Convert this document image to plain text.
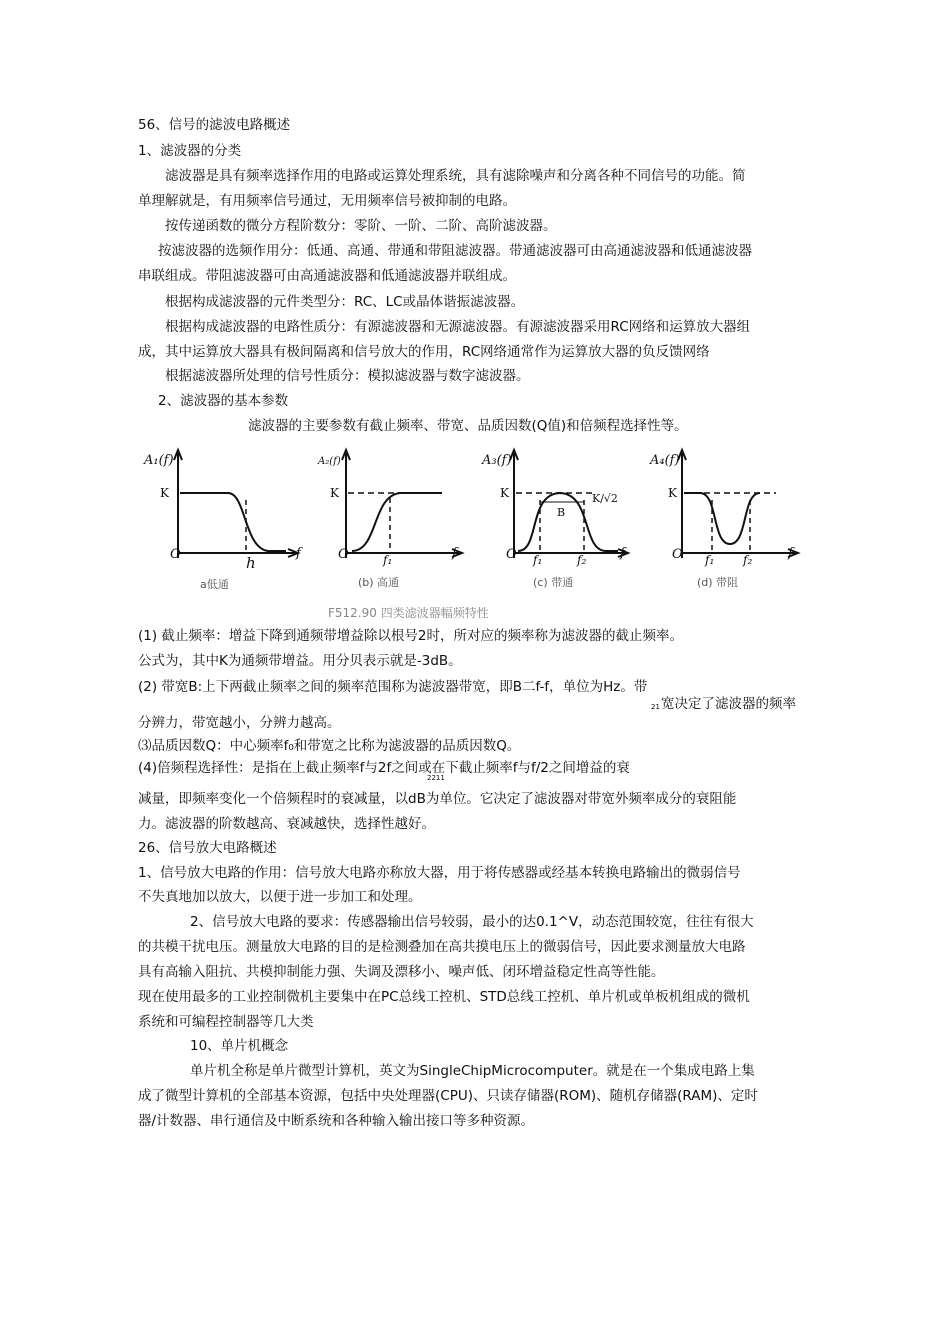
56、信号的滤波电路概述
1、滤波器的分类
滤波器是具有频率选择作用的电路或运算处理系统，具有滤除噪声和分离各种不同信号的功能。简
单理解就是，有用频率信号通过，无用频率信号被抑制的电路。
按传递函数的微分方程阶数分：零阶、一阶、二阶、高阶滤波器。
按滤波器的选频作用分：低通、高通、带通和带阻滤波器。带通滤波器可由高通滤波器和低通滤波器
串联组成。带阻滤波器可由高通滤波器和低通滤波器并联组成。
根据构成滤波器的元件类型分：RC、LC或晶体谐振滤波器。
根据构成滤波器的电路性质分：有源滤波器和无源滤波器。有源滤波器采用RC网络和运算放大器组
成，其中运算放大器具有极间隔离和信号放大的作用，RC网络通常作为运算放大器的负反馈网络
根据滤波器所处理的信号性质分：模拟滤波器与数字滤波器。
2、滤波器的基本参数
滤波器的主要参数有截止频率、带宽、品质因数(Q值)和倍频程选择性等。
A₁(f)
K
O	f
h
A₂(f)
K
O	f
f₁
A₃(f)
K	K/√2
B
O	f
f₁	f₂
A₄(f)
K
O	f
f₁ f₂
a低通	(b) 高通	(c) 带通	(d) 带阻
F512.90 四类滤波器幅频特性
(1) 截止频率：增益下降到通频带增益除以根号2时，所对应的频率称为滤波器的截止频率。
公式为，其中K为通频带增益。用分贝表示就是-3dB。
(2) 带宽B:上下两截止频率之间的频率范围称为滤波器带宽，即B二f-f，单位为Hz。带
21 宽决定了滤波器的频率
分辨力，带宽越小，分辨力越高。
⑶品质因数Q：中心频率f₀和带宽之比称为滤波器的品质因数Q。
(4)倍频程选择性：是指在上截止频率f与2f之间或在下截止频率f与f/2之间增益的衰
2211
减量，即频率变化一个倍频程时的衰减量，以dB为单位。它决定了滤波器对带宽外频率成分的衰阻能
力。滤波器的阶数越高、衰减越快，选择性越好。
26、信号放大电路概述
1、信号放大电路的作用：信号放大电路亦称放大器，用于将传感器或经基本转换电路输出的微弱信号
不失真地加以放大，以便于进一步加工和处理。
2、信号放大电路的要求：传感器输出信号较弱，最小的达0.1^V，动态范围较宽，往往有很大
的共模干扰电压。测量放大电路的目的是检测叠加在高共摸电压上的微弱信号，因此要求测量放大电路
具有高输入阻抗、共模抑制能力强、失调及漂移小、噪声低、闭环增益稳定性高等性能。
现在使用最多的工业控制微机主要集中在PC总线工控机、STD总线工控机、单片机或单板机组成的微机
系统和可编程控制器等几大类
10、单片机概念
单片机全称是单片微型计算机，英文为SingleChipMicrocomputer。就是在一个集成电路上集
成了微型计算机的全部基本资源，包括中央处理器(CPU)、只读存储器(ROM)、随机存储器(RAM)、定时
器/计数器、串行通信及中断系统和各种输入输出接口等多种资源。
